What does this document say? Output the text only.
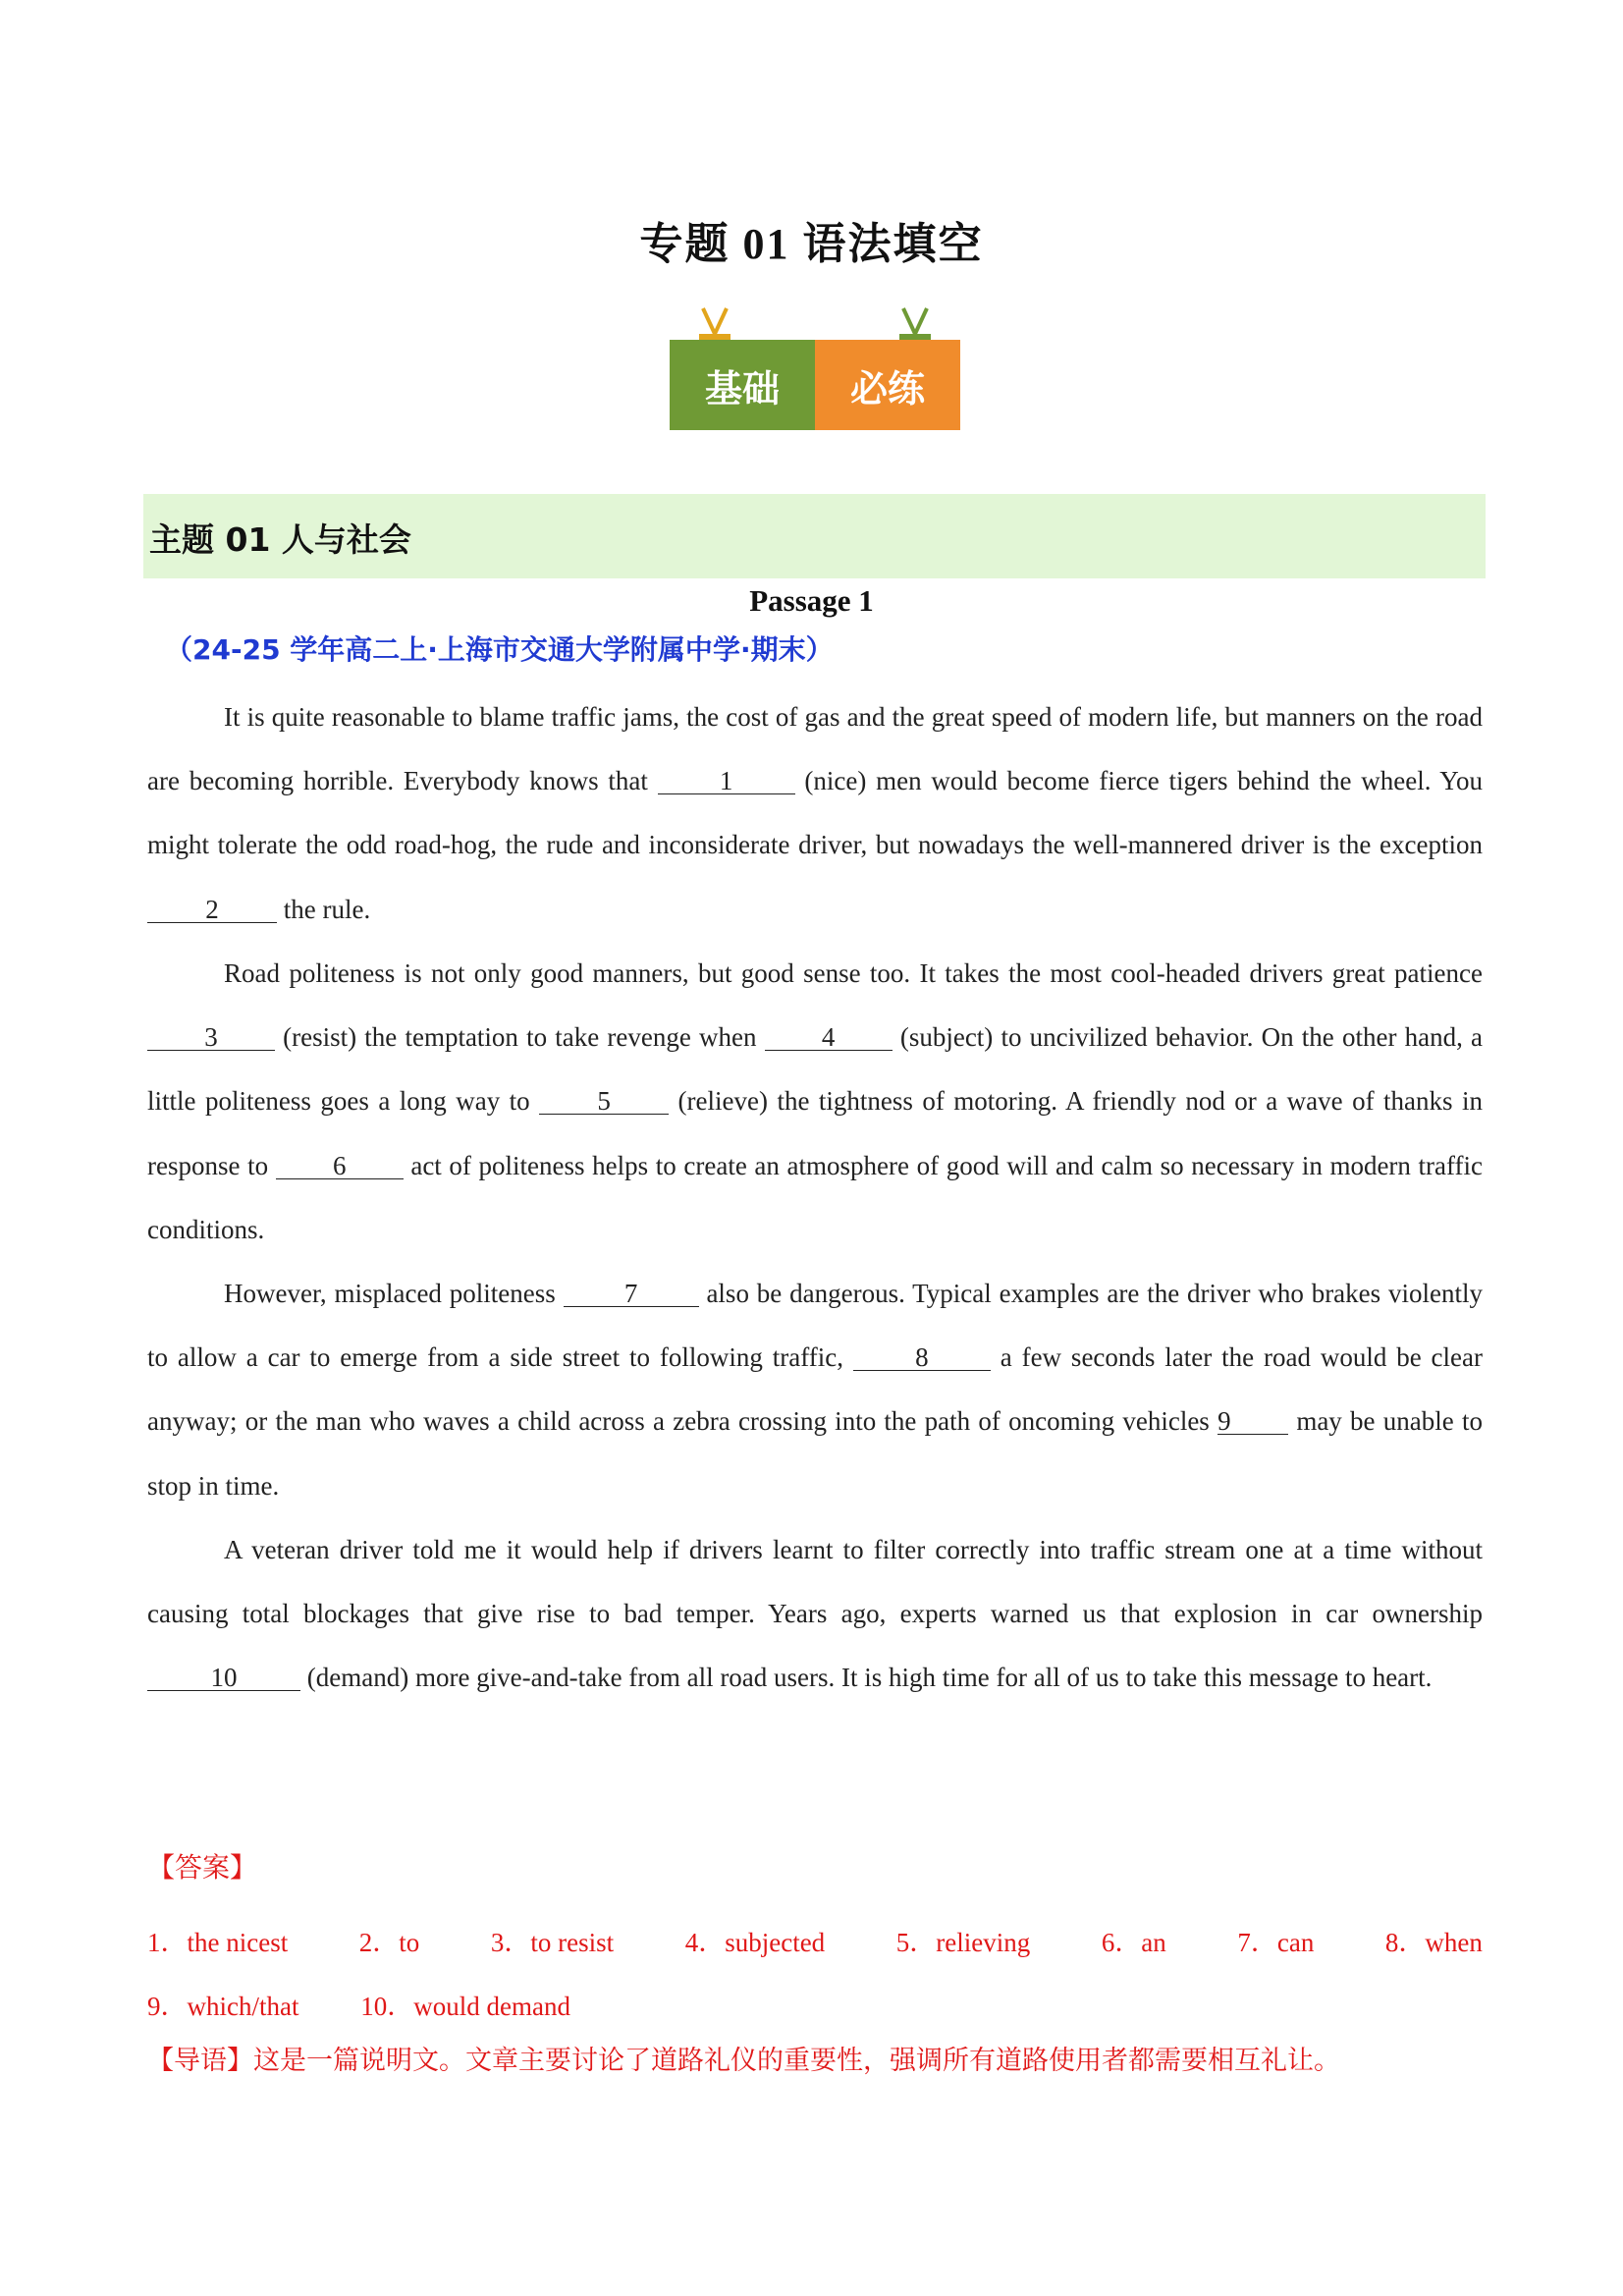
专题 01 语法填空
基础	必练
主题 01 人与社会
Passage 1
（24-25 学年高二上·上海市交通大学附属中学·期末）

It is quite reasonable to blame traffic jams, the cost of gas and the great speed of modern life, but manners on the road are becoming horrible. Everybody knows that 1 (nice) men would become fierce tigers behind the wheel. You might tolerate the odd road-hog, the rude and inconsiderate driver, but nowadays the well-mannered driver is the exception 2 the rule.

Road politeness is not only good manners, but good sense too. It takes the most cool-headed drivers great patience 3 (resist) the temptation to take revenge when 4 (subject) to uncivilized behavior. On the other hand, a little politeness goes a long way to 5 (relieve) the tightness of motoring. A friendly nod or a wave of thanks in response to 6 act of politeness helps to create an atmosphere of good will and calm so necessary in modern traffic conditions.

However, misplaced politeness 7 also be dangerous. Typical examples are the driver who brakes violently to allow a car to emerge from a side street to following traffic, 8 a few seconds later the road would be clear anyway; or the man who waves a child across a zebra crossing into the path of oncoming vehicles 9 may be unable to stop in time.

A veteran driver told me it would help if drivers learnt to filter correctly into traffic stream one at a time without causing total blockages that give rise to bad temper. Years ago, experts warned us that explosion in car ownership 10 (demand) more give-and-take from all road users. It is high time for all of us to take this message to heart.

【答案】
1．the nicest	2．to	3．to resist	4．subjected	5．relieving	6．an	7．can	8．when
9．which/that 10．would demand
【导语】这是一篇说明文。文章主要讨论了道路礼仪的重要性，强调所有道路使用者都需要相互礼让。
